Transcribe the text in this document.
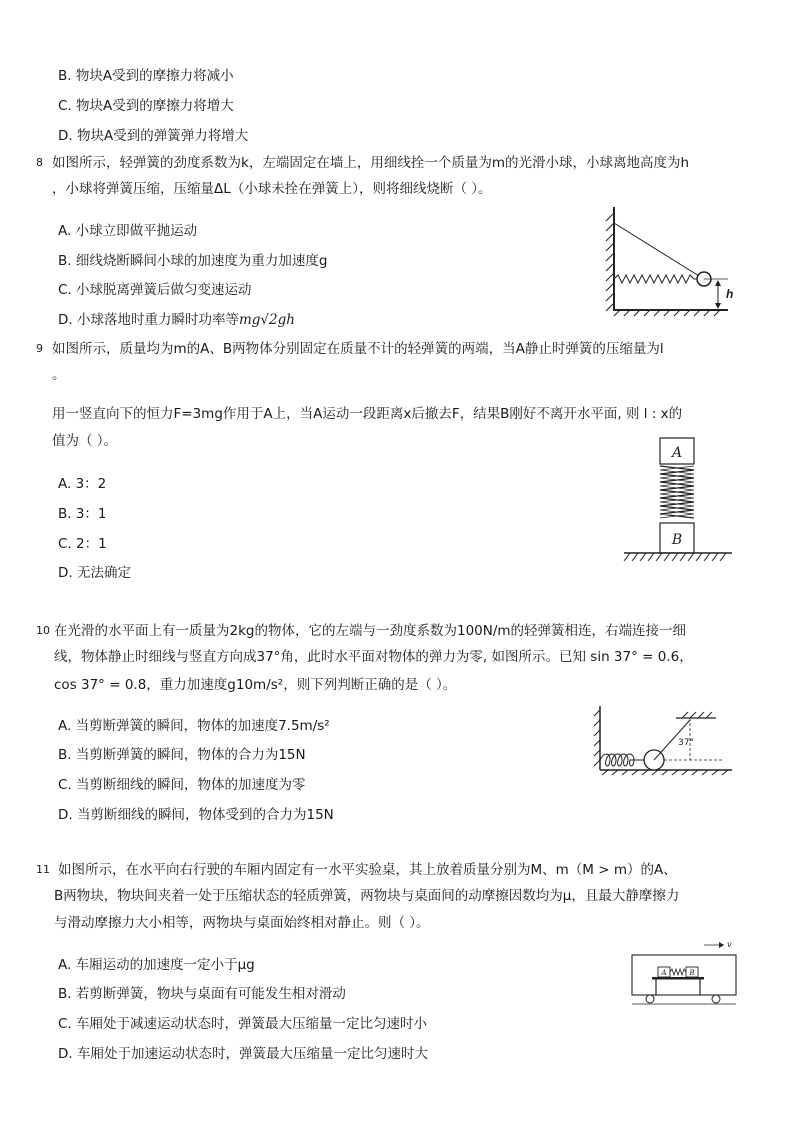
B. 物块A受到的摩擦力将减小
C. 物块A受到的摩擦力将增大
D. 物块A受到的弹簧弹力将增大
8 如图所示，轻弹簧的劲度系数为k，左端固定在墙上，用细线拴一个质量为m的光滑小球，小球离地高度为h
，小球将弹簧压缩，压缩量ΔL（小球未拴在弹簧上），则将细线烧断（ ）。
A. 小球立即做平抛运动
B. 细线烧断瞬间小球的加速度为重力加速度g
C. 小球脱离弹簧后做匀变速运动
D. 小球落地时重力瞬时功率等mg√2gh
h
9 如图所示，质量均为m的A、B两物体分别固定在质量不计的轻弹簧的两端，当A静止时弹簧的压缩量为l
。
用一竖直向下的恒力F=3mg作用于A上，当A运动一段距离x后撤去F，结果B刚好不离开水平面, 则 l : x的
值为（ ）。
A. 3：2
B. 3：1
C. 2：1
D. 无法确定
A
B
10 在光滑的水平面上有一质量为2kg的物体，它的左端与一劲度系数为100N/m的轻弹簧相连，右端连接一细
线，物体静止时细线与竖直方向成37°角，此时水平面对物体的弹力为零, 如图所示。已知 sin 37° = 0.6，
cos 37° = 0.8，重力加速度g10m/s²，则下列判断正确的是（ ）。
A. 当剪断弹簧的瞬间，物体的加速度7.5m/s²
B. 当剪断弹簧的瞬间，物体的合力为15N
C. 当剪断细线的瞬间，物体的加速度为零
D. 当剪断细线的瞬间，物体受到的合力为15N
37°
11 如图所示，在水平向右行驶的车厢内固定有一水平实验桌，其上放着质量分别为M、m（M > m）的A、
B两物块，物块间夹着一处于压缩状态的轻质弹簧，两物块与桌面间的动摩擦因数均为μ，且最大静摩擦力
与滑动摩擦力大小相等，两物块与桌面始终相对静止。则（ ）。
A. 车厢运动的加速度一定小于μg
B. 若剪断弹簧，物块与桌面有可能发生相对滑动
C. 车厢处于减速运动状态时，弹簧最大压缩量一定比匀速时小
D. 车厢处于加速运动状态时，弹簧最大压缩量一定比匀速时大
v
A	B
